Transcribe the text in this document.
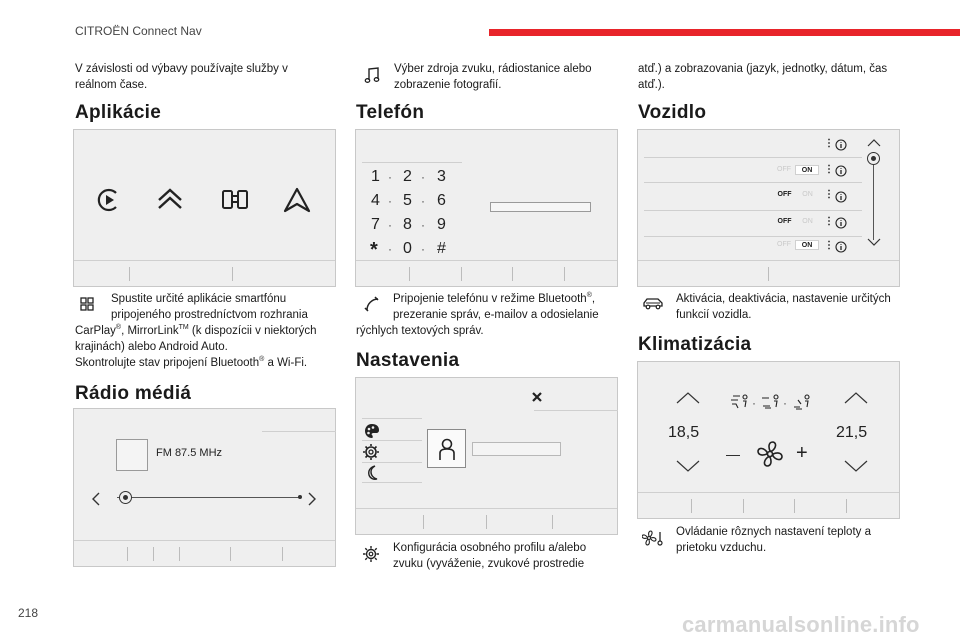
CITROËN Connect Nav
218	carmanualsonline.info
V závislosti od výbavy používajte služby v reálnom čase.
Aplikácie
Spustite určité aplikácie smartfónu pripojeného prostredníctvom rozhrania
CarPlay®, MirrorLink™ (k dispozícii v niektorých krajinách) alebo Android Auto.
Skontrolujte stav pripojení Bluetooth® a Wi-Fi.
Rádio médiá
FM 87.5 MHz
Výber zdroja zvuku, rádiostanice alebo zobrazenie fotografií.
Telefón
1 · 2 · 3
4 · 5 · 6
7 · 8 · 9
* · 0 · #
Pripojenie telefónu v režime Bluetooth®,
prezeranie správ, e-mailov a odosielanie
rýchlych textových správ.
Nastavenia
Konfigurácia osobného profilu a/alebo zvuku (vyváženie, zvukové prostredie
atď.) a zobrazovania (jazyk, jednotky, dátum, čas atď.).
Vozidlo
⋮
OFF	ON	⋮
OFF	ON	⋮
OFF	ON	⋮
OFF	ON	⋮
Aktivácia, deaktivácia, nastavenie určitých funkcií vozidla.
Klimatizácia
· ·
18,5	21,5
—	+
Ovládanie rôznych nastavení teploty a prietoku vzduchu.
